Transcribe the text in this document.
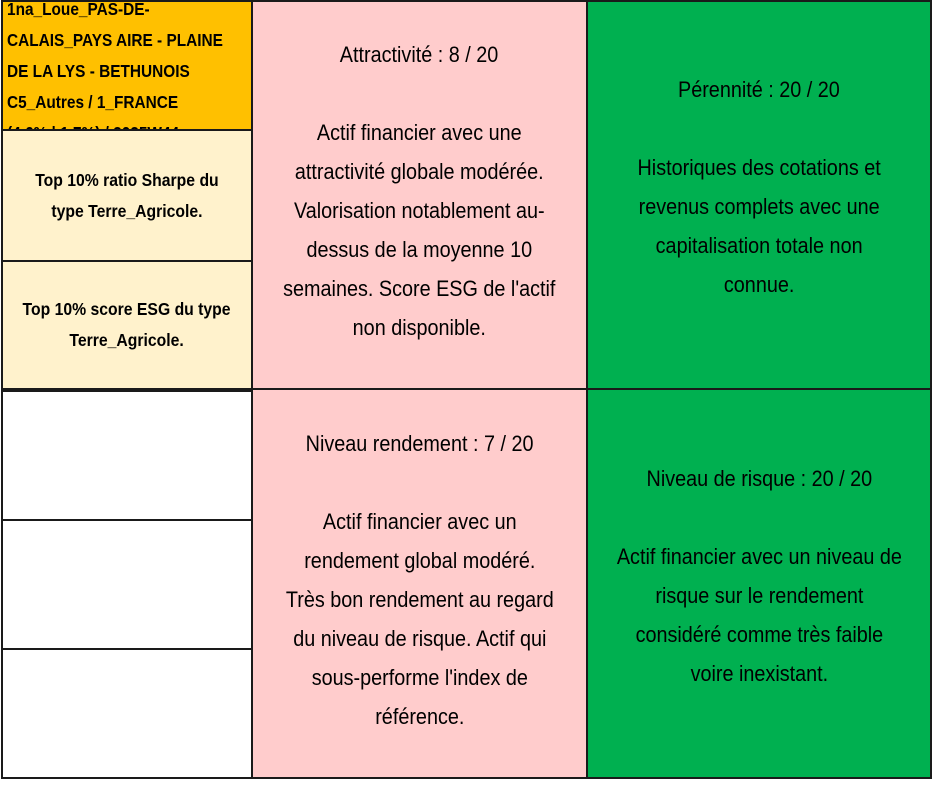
1na_Loue_PAS-DE-
CALAIS_PAYS AIRE - PLAINE
DE LA LYS - BETHUNOIS
C5_Autres / 1_FRANCE
Top 10% ratio Sharpe du
type Terre_Agricole.
Top 10% score ESG du type
Terre_Agricole.
Attractivité : 8 / 20
Actif financier avec une
attractivité globale modérée.
Valorisation notablement au-
dessus de la moyenne 10
semaines. Score ESG de l'actif
non disponible.
Pérennité : 20 / 20
Historiques des cotations et
revenus complets avec une
capitalisation totale non
connue.
Niveau rendement : 7 / 20
Actif financier avec un
rendement global modéré.
Très bon rendement au regard
du niveau de risque. Actif qui
sous-performe l'index de
référence.
Niveau de risque : 20 / 20
Actif financier avec un niveau de
risque sur le rendement
considéré comme très faible
voire inexistant.
